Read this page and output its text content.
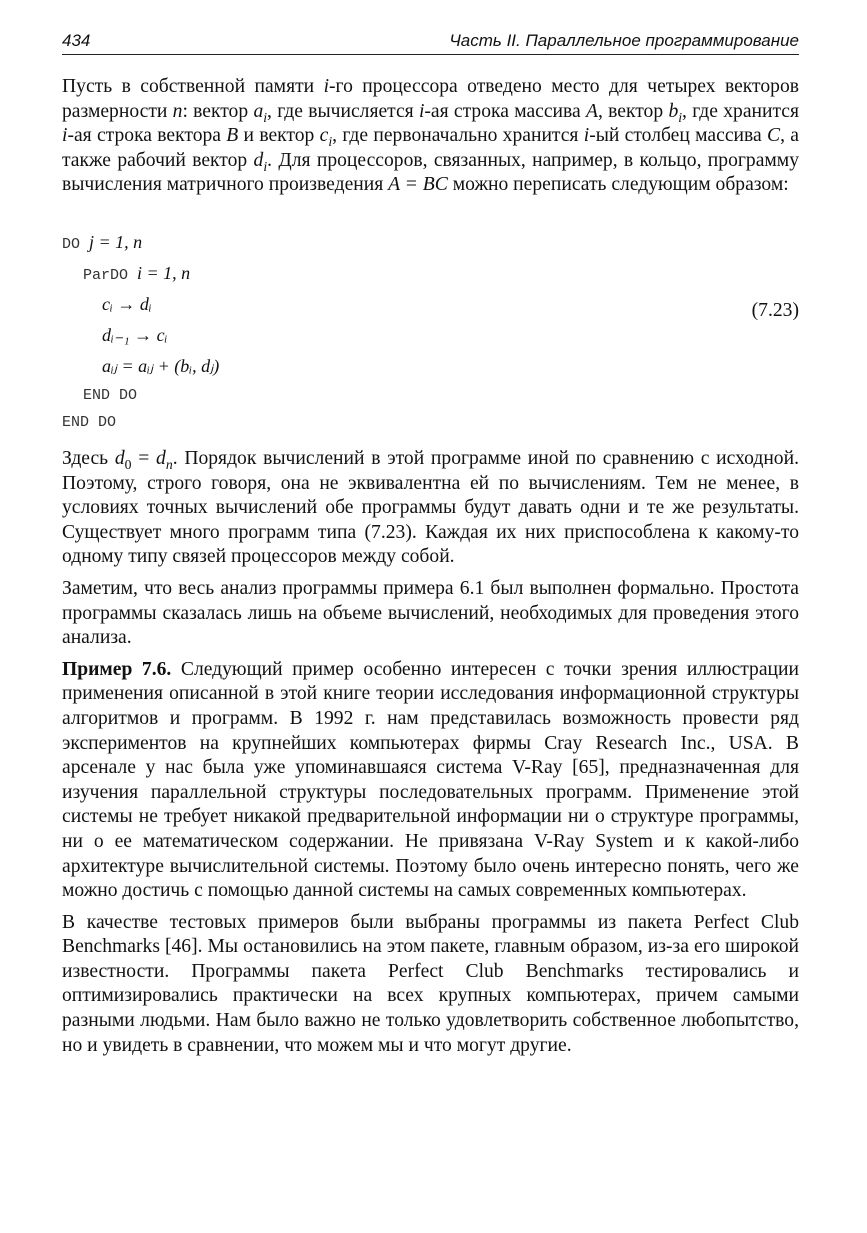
434	Часть II. Параллельное программирование

Пусть в собственной памяти i-го процессора отведено место для четырех векторов размерности n: вектор $a_i$, где вычисляется i-ая строка массива A, вектор $b_i$, где хранится i-ая строка вектора B и вектор $c_i$, где первоначально хранится i-ый столбец массива C, а также рабочий вектор $d_i$. Для процессоров, связанных, например, в кольцо, программу вычисления матричного произведения A = BC можно переписать следующим образом:

DO j = 1, n
ParDO i = 1, n
cᵢ → dᵢ
dᵢ₋₁ → cᵢ
aᵢⱼ = aᵢⱼ + (bᵢ, dⱼ)
END DO
END DO
(7.23)

Здесь $d_0 = d_n$. Порядок вычислений в этой программе иной по сравнению с исходной. Поэтому, строго говоря, она не эквивалентна ей по вычислениям. Тем не менее, в условиях точных вычислений обе программы будут давать одни и те же результаты. Существует много программ типа (7.23). Каждая их них приспособлена к какому-то одному типу связей процессоров между собой.

Заметим, что весь анализ программы примера 6.1 был выполнен формально. Простота программы сказалась лишь на объеме вычислений, необходимых для проведения этого анализа.

Пример 7.6. Следующий пример особенно интересен с точки зрения иллюстрации применения описанной в этой книге теории исследования информационной структуры алгоритмов и программ. В 1992 г. нам представилась возможность провести ряд экспериментов на крупнейших компьютерах фирмы Cray Research Inc., USA. В арсенале у нас была уже упоминавшаяся система V-Ray [65], предназначенная для изучения параллельной структуры последовательных программ. Применение этой системы не требует никакой предварительной информации ни о структуре программы, ни о ее математическом содержании. Не привязана V-Ray System и к какой-либо архитектуре вычислительной системы. Поэтому было очень интересно понять, чего же можно достичь с помощью данной системы на самых современных компьютерах.

В качестве тестовых примеров были выбраны программы из пакета Perfect Club Benchmarks [46]. Мы остановились на этом пакете, главным образом, из-за его широкой известности. Программы пакета Perfect Club Benchmarks тестировались и оптимизировались практически на всех крупных компьютерах, причем самыми разными людьми. Нам было важно не только удовлетворить собственное любопытство, но и увидеть в сравнении, что можем мы и что могут другие.
